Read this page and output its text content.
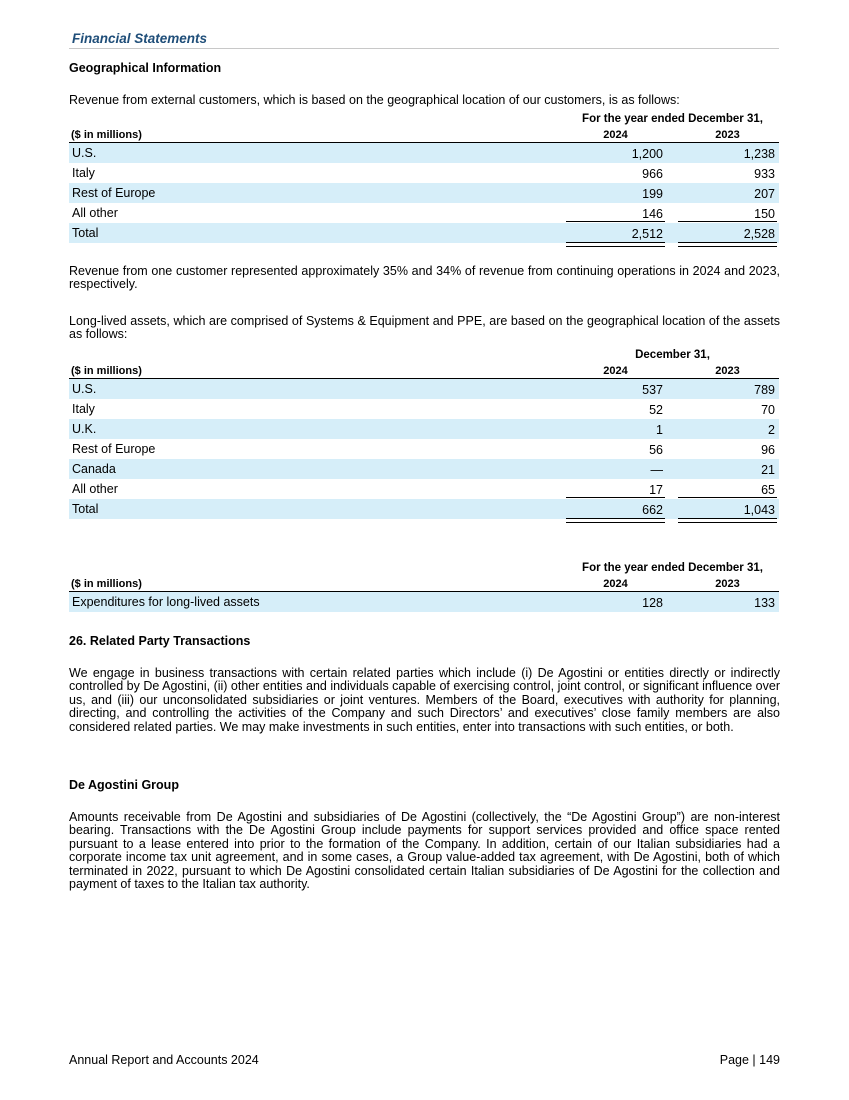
Financial Statements
Geographical Information
Revenue from external customers, which is based on the geographical location of our customers, is as follows:
For the year ended December 31,
($ in millions)	2024	2023
U.S.	1,200	1,238
Italy	966	933
Rest of Europe	199	207
All other	146	150
Total	2,512	2,528
Revenue from one customer represented approximately 35% and 34% of revenue from continuing operations in 2024 and 2023, respectively.
Long-lived assets, which are comprised of Systems & Equipment and PPE, are based on the geographical location of the assets as follows:
December 31,
($ in millions)	2024	2023
U.S.	537	789
Italy	52	70
U.K.	1	2
Rest of Europe	56	96
Canada	—	21
All other	17	65
Total	662	1,043
For the year ended December 31,
($ in millions)	2024	2023
Expenditures for long-lived assets	128	133
26. Related Party Transactions
We engage in business transactions with certain related parties which include (i) De Agostini or entities directly or indirectly controlled by De Agostini, (ii) other entities and individuals capable of exercising control, joint control, or significant influence over us, and (iii) our unconsolidated subsidiaries or joint ventures. Members of the Board, executives with authority for planning, directing, and controlling the activities of the Company and such Directors’ and executives’ close family members are also considered related parties. We may make investments in such entities, enter into transactions with such entities, or both.
De Agostini Group
Amounts receivable from De Agostini and subsidiaries of De Agostini (collectively, the “De Agostini Group”) are non-interest bearing. Transactions with the De Agostini Group include payments for support services provided and office space rented pursuant to a lease entered into prior to the formation of the Company. In addition, certain of our Italian subsidiaries had a corporate income tax unit agreement, and in some cases, a Group value-added tax agreement, with De Agostini, both of which terminated in 2022, pursuant to which De Agostini consolidated certain Italian subsidiaries of De Agostini for the collection and payment of taxes to the Italian tax authority.
Annual Report and Accounts 2024	Page | 149
